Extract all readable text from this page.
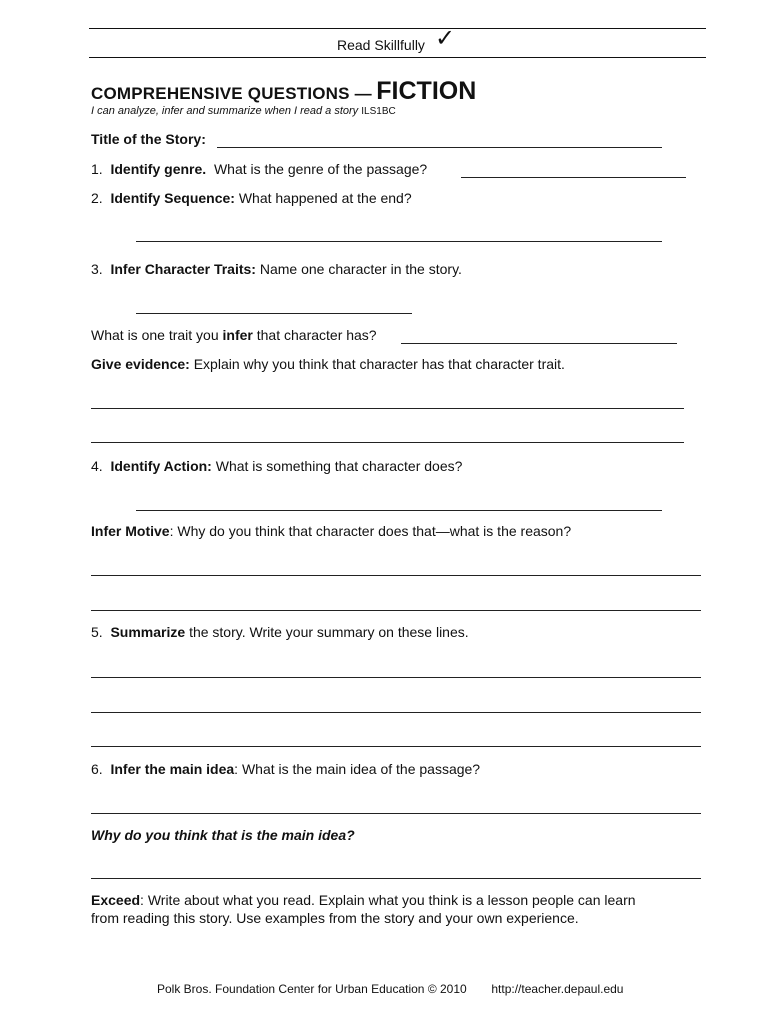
Read Skillfully ✓
COMPREHENSIVE QUESTIONS — FICTION
I can analyze, infer and summarize when I read a story ILS1BC
Title of the Story:
1. Identify genre. What is the genre of the passage?
2. Identify Sequence: What happened at the end?
3. Infer Character Traits: Name one character in the story.
What is one trait you infer that character has?
Give evidence: Explain why you think that character has that character trait.
4. Identify Action: What is something that character does?
Infer Motive: Why do you think that character does that—what is the reason?
5. Summarize the story. Write your summary on these lines.
6. Infer the main idea: What is the main idea of the passage?
Why do you think that is the main idea?
Exceed: Write about what you read. Explain what you think is a lesson people can learn
from reading this story. Use examples from the story and your own experience.
Polk Bros. Foundation Center for Urban Education © 2010 http://teacher.depaul.edu
